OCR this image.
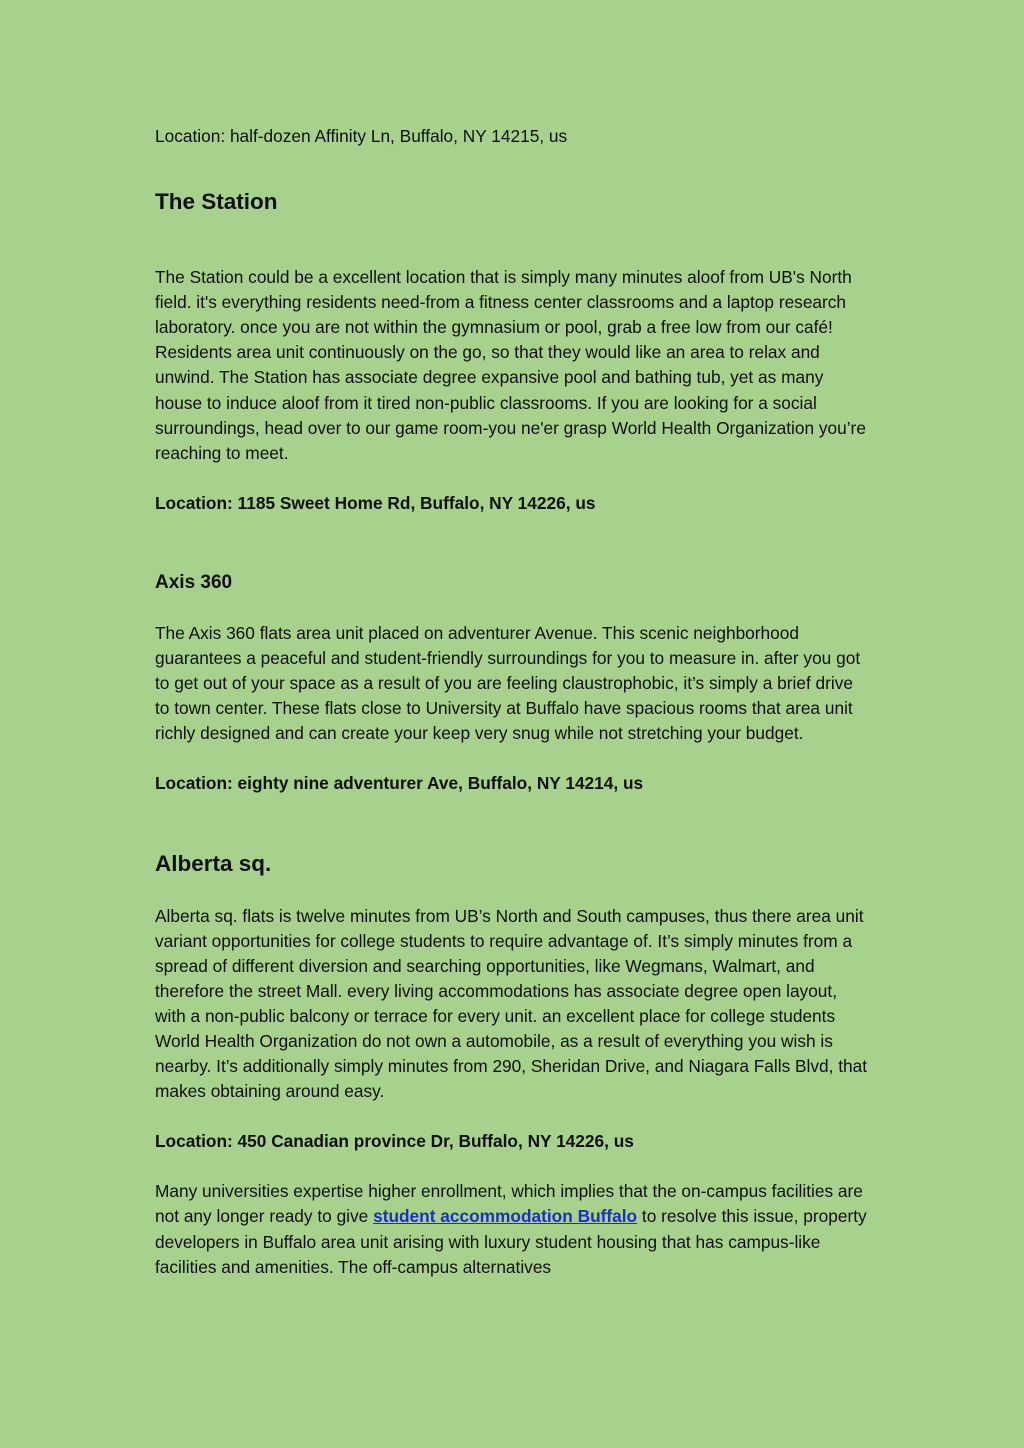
Location: half-dozen Affinity Ln, Buffalo, NY 14215, us

The Station

The Station could be a excellent location that is simply many minutes aloof from UB's North field. it's everything residents need-from a fitness center classrooms and a laptop research laboratory. once you are not within the gymnasium or pool, grab a free low from our café! Residents area unit continuously on the go, so that they would like an area to relax and unwind. The Station has associate degree expansive pool and bathing tub, yet as many house to induce aloof from it tired non-public classrooms. If you are looking for a social surroundings, head over to our game room-you ne'er grasp World Health Organization you’re reaching to meet.

Location: 1185 Sweet Home Rd, Buffalo, NY 14226, us

Axis 360

The Axis 360 flats area unit placed on adventurer Avenue. This scenic neighborhood guarantees a peaceful and student-friendly surroundings for you to measure in. after you got to get out of your space as a result of you are feeling claustrophobic, it’s simply a brief drive to town center. These flats close to University at Buffalo have spacious rooms that area unit richly designed and can create your keep very snug while not stretching your budget.

Location: eighty nine adventurer Ave, Buffalo, NY 14214, us

Alberta sq.

Alberta sq. flats is twelve minutes from UB’s North and South campuses, thus there area unit variant opportunities for college students to require advantage of. It’s simply minutes from a spread of different diversion and searching opportunities, like Wegmans, Walmart, and therefore the street Mall. every living accommodations has associate degree open layout, with a non-public balcony or terrace for every unit. an excellent place for college students World Health Organization do not own a automobile, as a result of everything you wish is nearby. It’s additionally simply minutes from 290, Sheridan Drive, and Niagara Falls Blvd, that makes obtaining around easy.

Location: 450 Canadian province Dr, Buffalo, NY 14226, us

Many universities expertise higher enrollment, which implies that the on-campus facilities are not any longer ready to give student accommodation Buffalo to resolve this issue, property developers in Buffalo area unit arising with luxury student housing that has campus-like facilities and amenities. The off-campus alternatives
